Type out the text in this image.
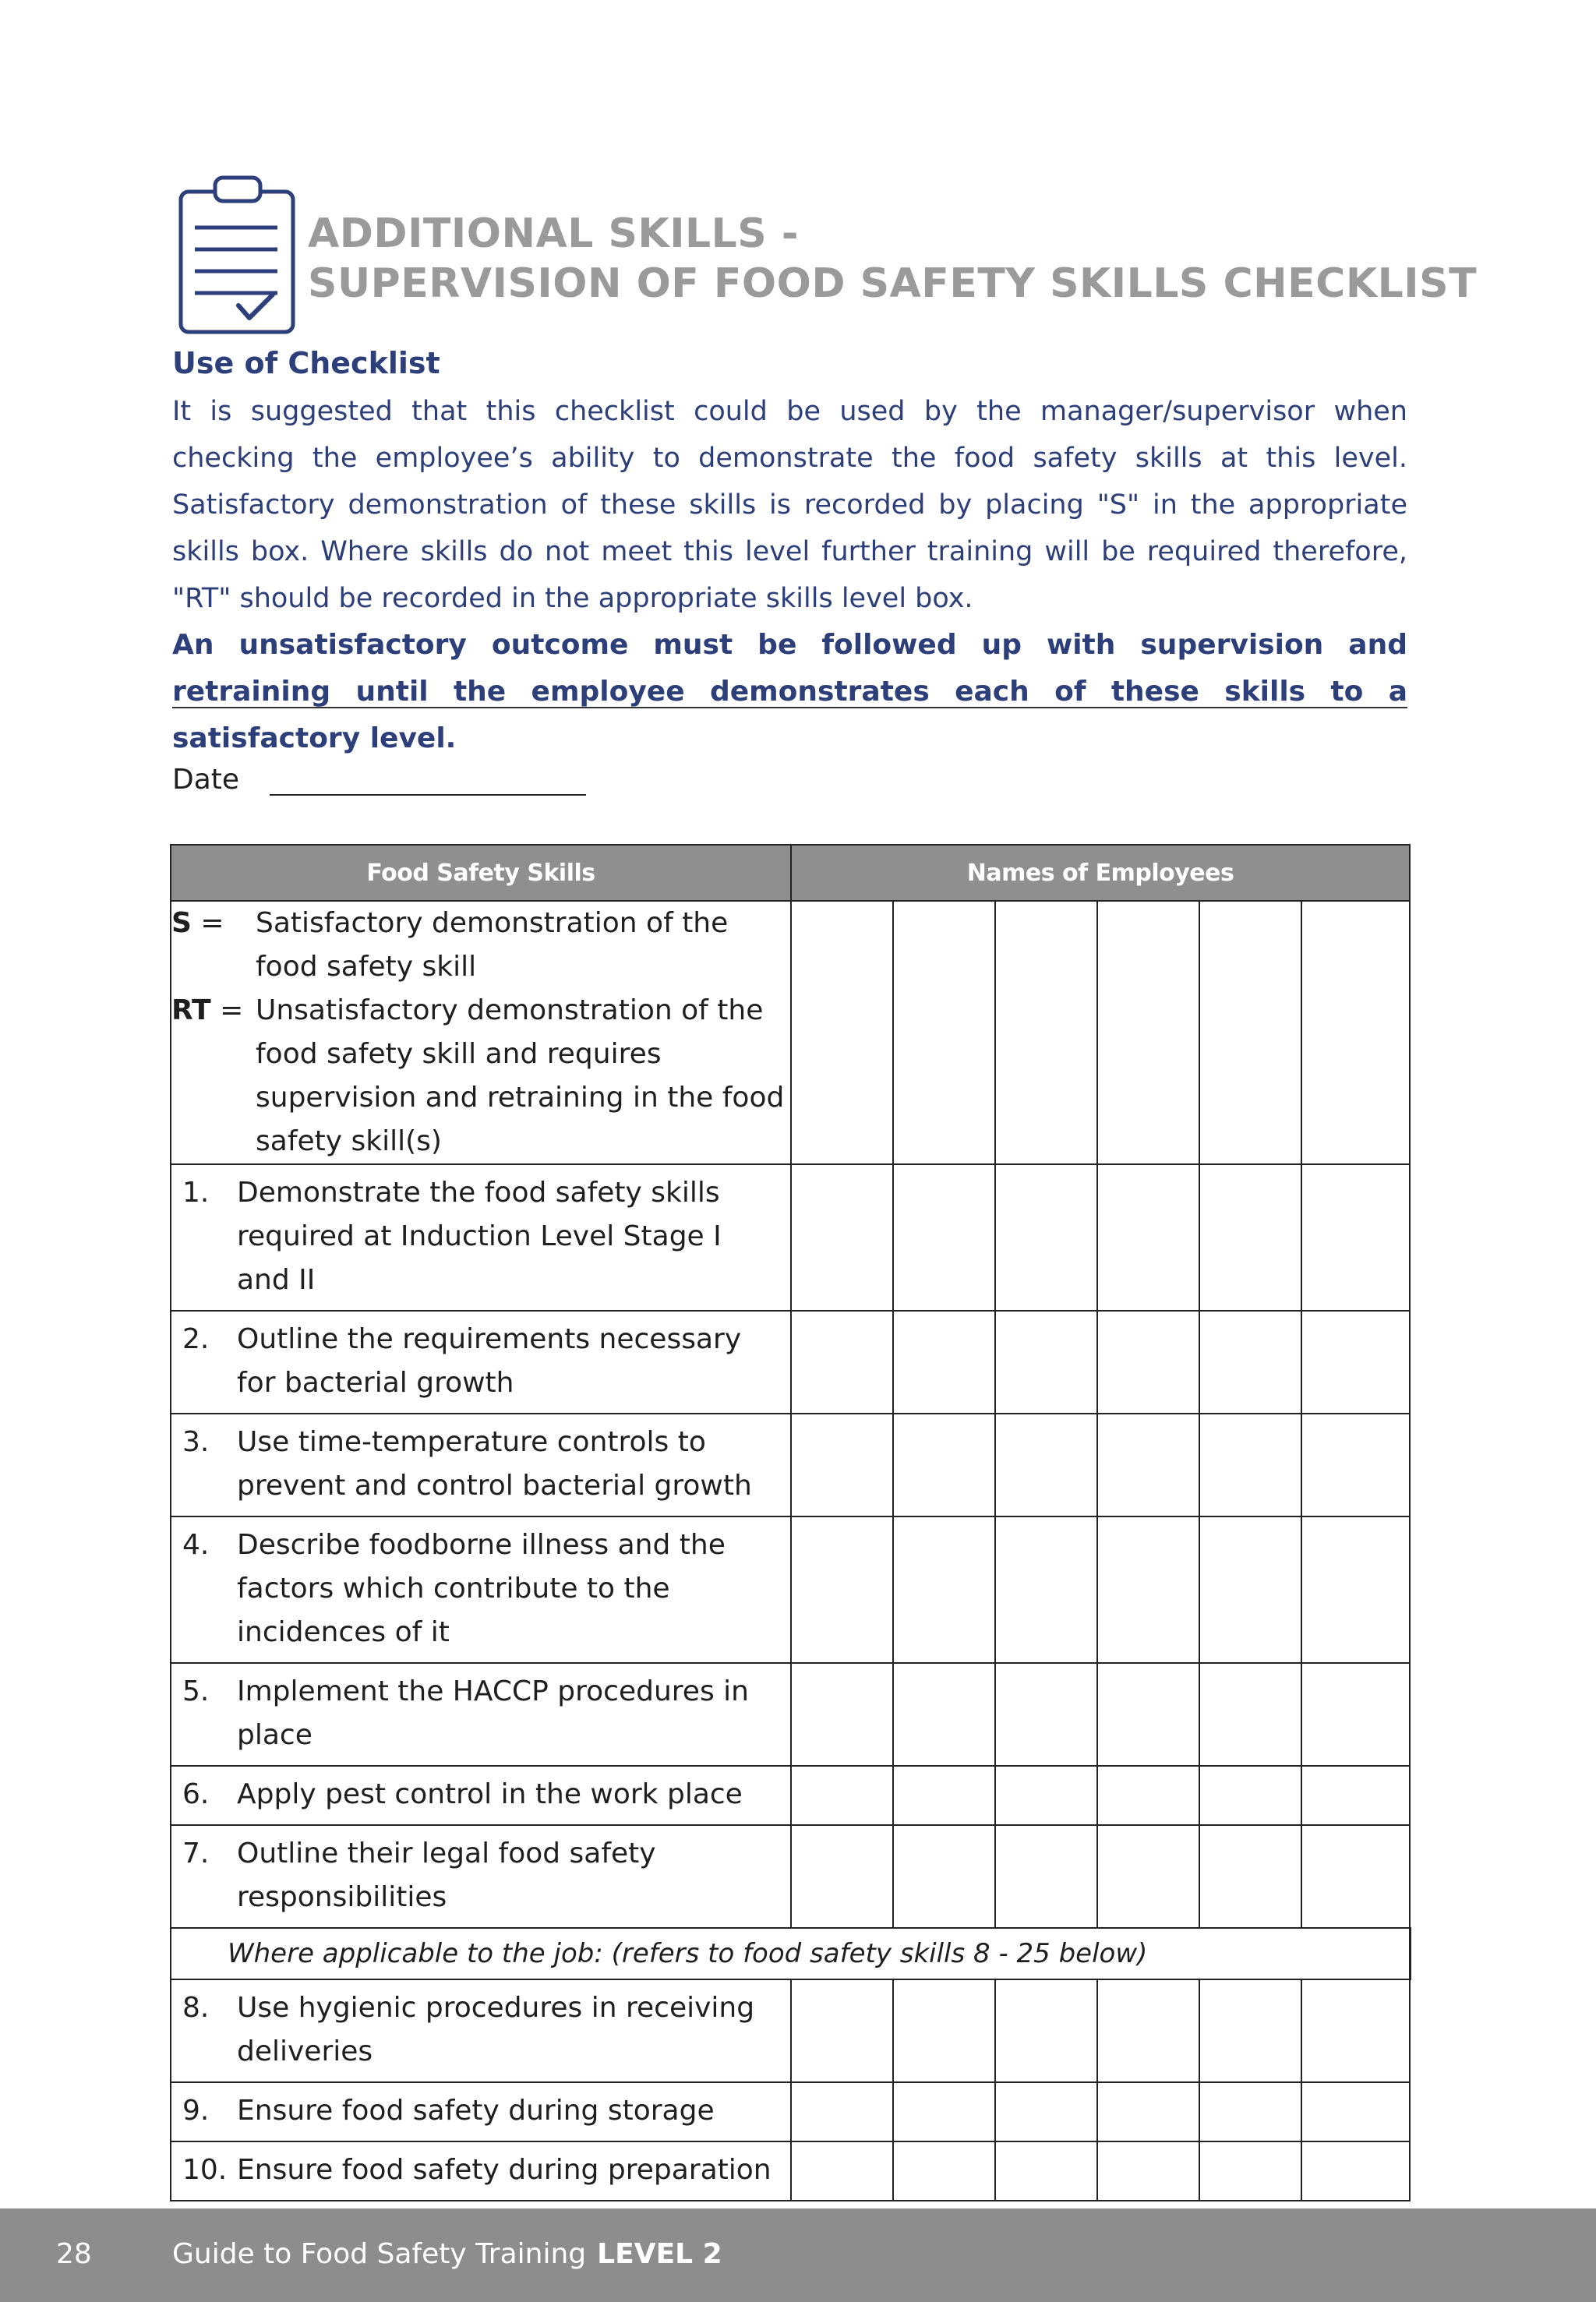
ADDITIONAL SKILLS -
SUPERVISION OF FOOD SAFETY SKILLS CHECKLIST
Use of Checklist

It is suggested that this checklist could be used by the manager/supervisor when checking the employee’s ability to demonstrate the food safety skills at this level. Satisfactory demonstration of these skills is recorded by placing "S" in the appropriate skills box. Where skills do not meet this level further training will be required therefore, "RT" should be recorded in the appropriate skills level box.

An unsatisfactory outcome must be followed up with supervision and retraining until the employee demonstrates each of these skills to a satisfactory level.

Date
Food Safety Skills	Names of Employees					

S = Satisfactory demonstration of the food safety skill
RT = Unsatisfactory demonstration of the food safety skill and requires supervision and retraining in the food safety skill(s)						

1. Demonstrate the food safety skills required at Induction Level Stage I and II						

2. Outline the requirements necessary for bacterial growth						

3. Use time-temperature controls to prevent and control bacterial growth						

4. Describe foodborne illness and the factors which contribute to the incidences of it						

5. Implement the HACCP procedures in place						

6. Apply pest control in the work place						

7. Outline their legal food safety responsibilities						

Where applicable to the job: (refers to food safety skills 8 - 25 below)						

8. Use hygienic procedures in receiving deliveries						

9. Ensure food safety during storage						

10. Ensure food safety during preparation						

28	Guide to Food Safety Training LEVEL 2
